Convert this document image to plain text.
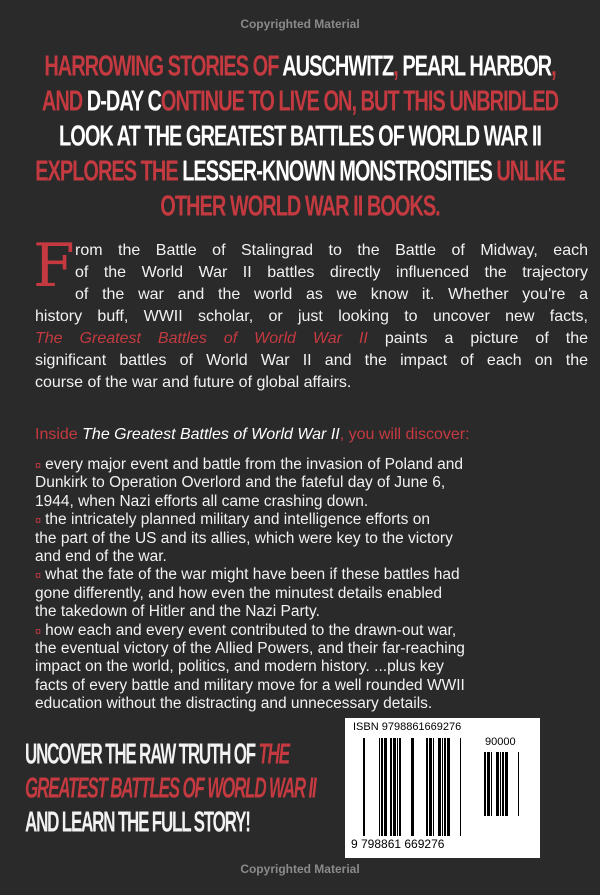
Copyrighted Material
HARROWING STORIES OF AUSCHWITZ, PEARL HARBOR,
AND D-DAY CONTINUE TO LIVE ON, BUT THIS UNBRIDLED
LOOK AT THE GREATEST BATTLES OF WORLD WAR II
EXPLORES THE LESSER-KNOWN MONSTROSITIES UNLIKE
OTHER WORLD WAR II BOOKS.
F rom the Battle of Stalingrad to the Battle of Midway, each
of the World War II battles directly influenced the trajectory
of the war and the world as we know it. Whether you're a
history buff, WWII scholar, or just looking to uncover new facts,
The Greatest Battles of World War II paints a picture of the
significant battles of World War II and the impact of each on the
course of the war and future of global affairs.
Inside The Greatest Battles of World War II, you will discover:
¤ every major event and battle from the invasion of Poland and
Dunkirk to Operation Overlord and the fateful day of June 6,
1944, when Nazi efforts all came crashing down.
¤ the intricately planned military and intelligence efforts on
the part of the US and its allies, which were key to the victory
and end of the war.
¤ what the fate of the war might have been if these battles had
gone differently, and how even the minutest details enabled
the takedown of Hitler and the Nazi Party.
¤ how each and every event contributed to the drawn-out war,
the eventual victory of the Allied Powers, and their far-reaching
impact on the world, politics, and modern history. ...plus key
facts of every battle and military move for a well rounded WWII
education without the distracting and unnecessary details.
UNCOVER THE RAW TRUTH OF THE
GREATEST BATTLES OF WORLD WAR II
AND LEARN THE FULL STORY!
ISBN 9798861669276
90000
9 798861 669276
Copyrighted Material
